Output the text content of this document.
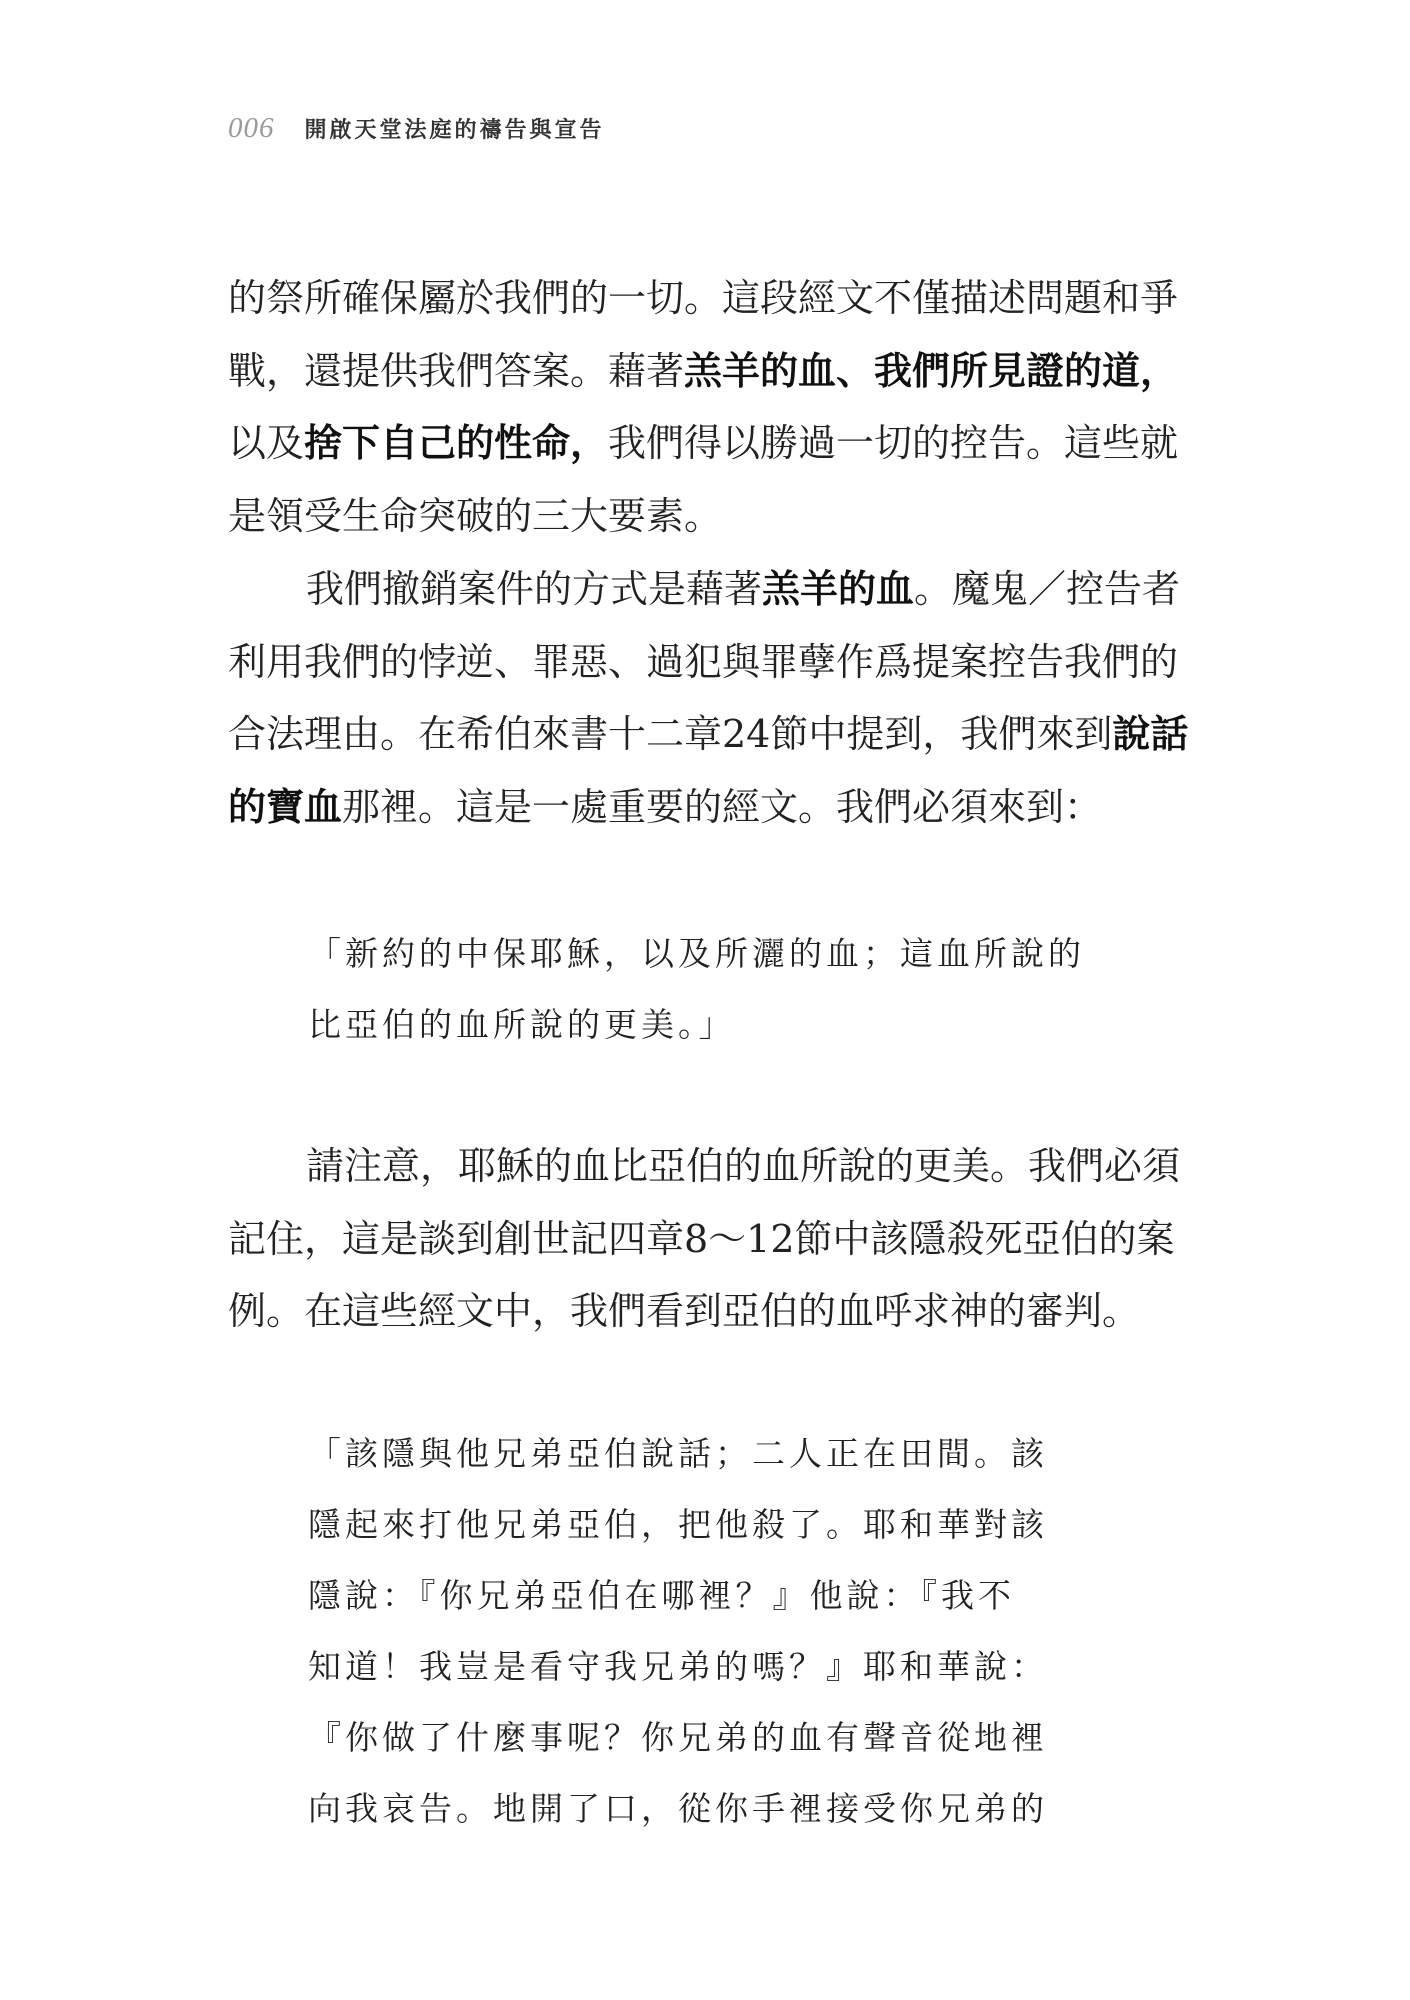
006 開啟天堂法庭的禱告與宣告

的祭所確保屬於我們的一切。這段經文不僅描述問題和爭戰，還提供我們答案。藉著羔羊的血、我們所見證的道，以及捨下自己的性命，我們得以勝過一切的控告。這些就是領受生命突破的三大要素。

我們撤銷案件的方式是藉著羔羊的血。魔鬼／控告者利用我們的悖逆、罪惡、過犯與罪孽作爲提案控告我們的合法理由。在希伯來書十二章24節中提到，我們來到說話的寶血那裡。這是一處重要的經文。我們必須來到：

「新約的中保耶穌，以及所灑的血；這血所說的

比亞伯的血所說的更美。」

請注意，耶穌的血比亞伯的血所說的更美。我們必須記住，這是談到創世記四章8～12節中該隱殺死亞伯的案例。在這些經文中，我們看到亞伯的血呼求神的審判。

「該隱與他兄弟亞伯說話；二人正在田間。該

隱起來打他兄弟亞伯，把他殺了。耶和華對該

隱說：『你兄弟亞伯在哪裡？』他說：『我不

知道！我豈是看守我兄弟的嗎？』耶和華說：

『你做了什麼事呢？你兄弟的血有聲音從地裡

向我哀告。地開了口，從你手裡接受你兄弟的
